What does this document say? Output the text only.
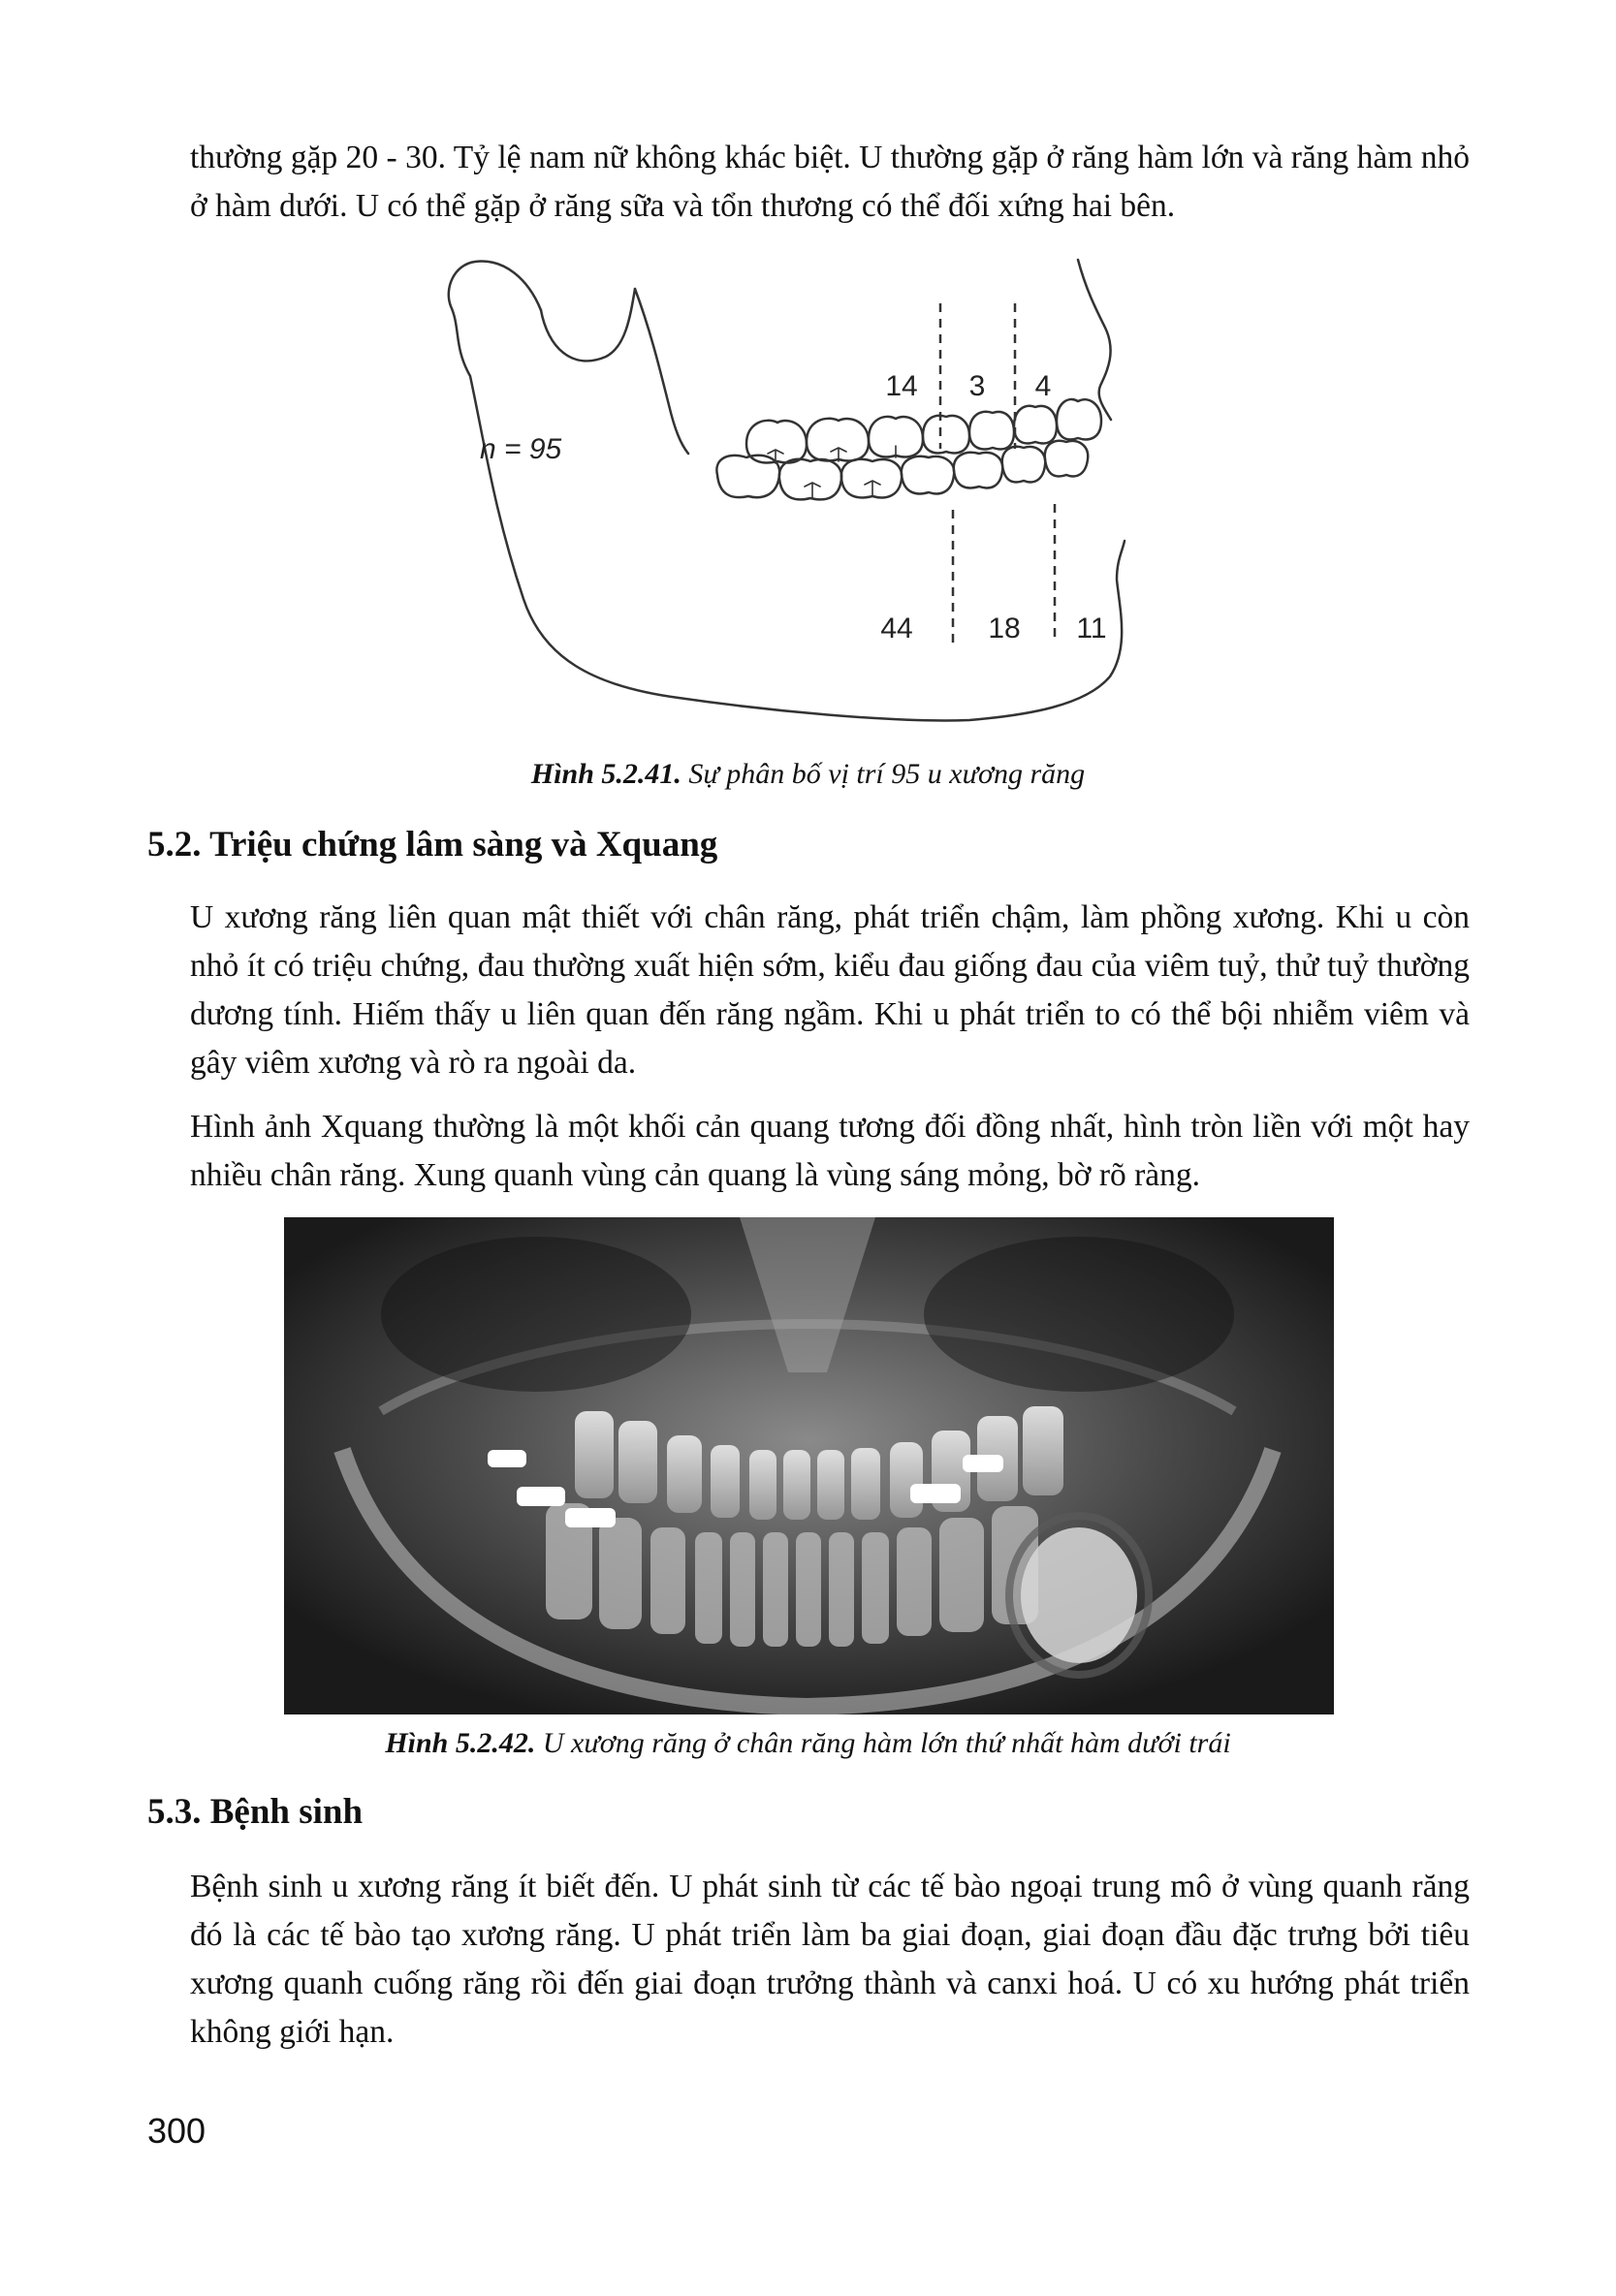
thường gặp 20 - 30. Tỷ lệ nam nữ không khác biệt. U thường gặp ở răng hàm lớn và răng hàm nhỏ ở hàm dưới. U có thể gặp ở răng sữa và tổn thương có thể đối xứng hai bên.

n = 95
14 3 4
44	18 11

Hình 5.2.41. Sự phân bố vị trí 95 u xương răng

5.2. Triệu chứng lâm sàng và Xquang

U xương răng liên quan mật thiết với chân răng, phát triển chậm, làm phồng xương. Khi u còn nhỏ ít có triệu chứng, đau thường xuất hiện sớm, kiểu đau giống đau của viêm tuỷ, thử tuỷ thường dương tính. Hiếm thấy u liên quan đến răng ngầm. Khi u phát triển to có thể bội nhiễm viêm và gây viêm xương và rò ra ngoài da.

Hình ảnh Xquang thường là một khối cản quang tương đối đồng nhất, hình tròn liền với một hay nhiều chân răng. Xung quanh vùng cản quang là vùng sáng mỏng, bờ rõ ràng.

Hình 5.2.42. U xương răng ở chân răng hàm lớn thứ nhất hàm dưới trái

5.3. Bệnh sinh

Bệnh sinh u xương răng ít biết đến. U phát sinh từ các tế bào ngoại trung mô ở vùng quanh răng đó là các tế bào tạo xương răng. U phát triển làm ba giai đoạn, giai đoạn đầu đặc trưng bởi tiêu xương quanh cuống răng rồi đến giai đoạn trưởng thành và canxi hoá. U có xu hướng phát triển không giới hạn.

300
